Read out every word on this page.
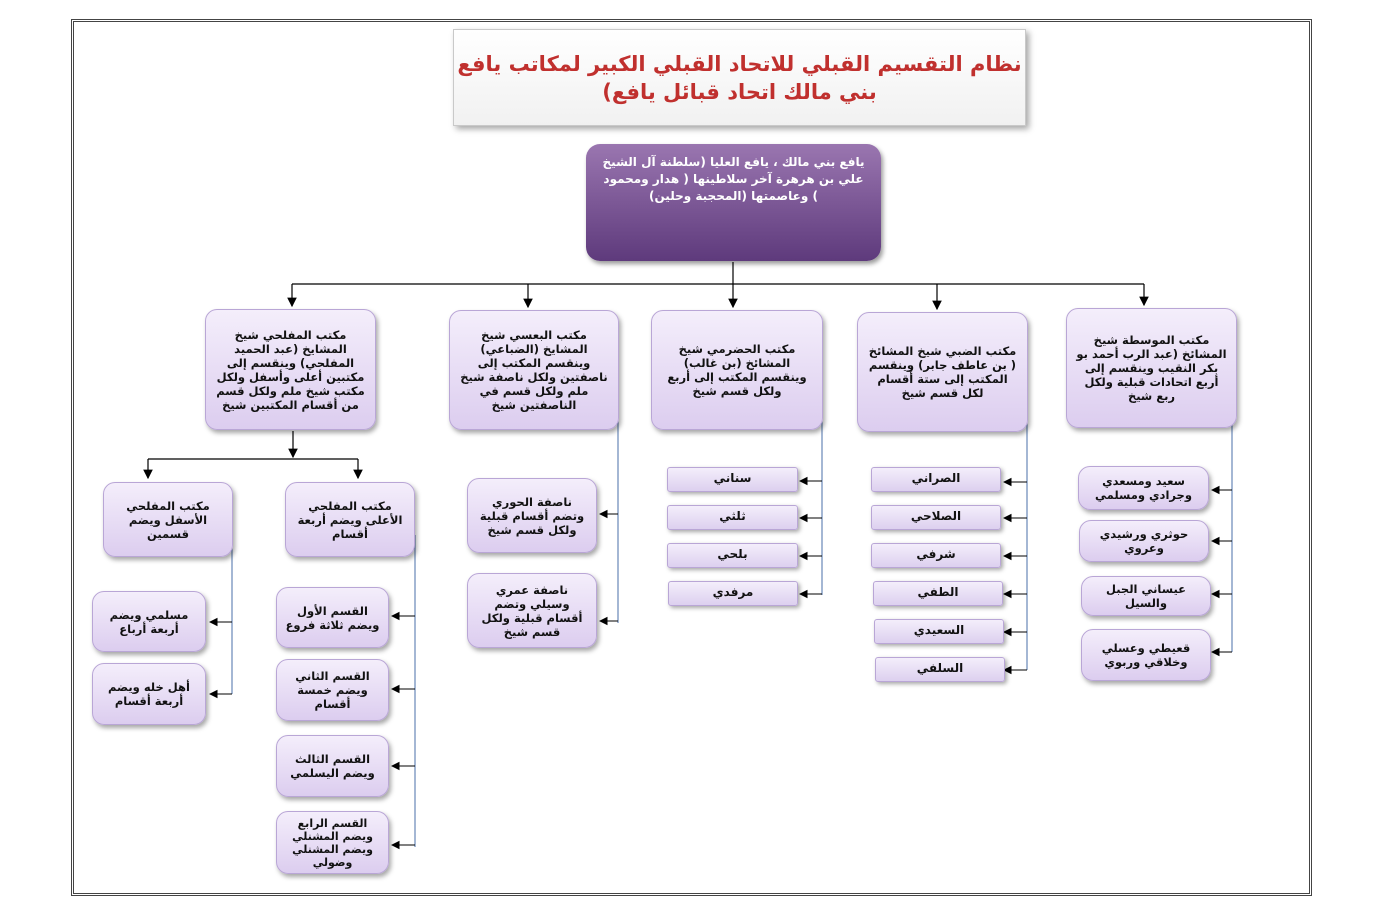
نظام التقسيم القبلي للاتحاد القبلي الكبير لمكاتب يافع
بني مالك اتحاد قبائل يافع)
يافع بني مالك ، يافع العليا (سلطنة آل الشيخ علي بن هرهرة آخر سلاطينها ( هدار ومحمود ) وعاصمتها (المحجبة وحلين)
مكتب المفلحي شيخ المشايخ (عبد الحميد المفلحي) وينقسم إلى مكتبين أعلى وأسفل ولكل مكتب شيخ ملم ولكل قسم من أقسام المكتبين شيخ
مكتب البعسي شيخ المشايخ (الضباعي) وينقسم المكتب إلى ناصفتين ولكل ناصفة شيخ ملم ولكل قسم في الناصفتين شيخ
مكتب الحضرمي شيخ المشائخ (بن غالب) وينقسم المكتب إلى أربع ولكل قسم شيخ
مكتب الضبي شيخ المشائخ ( بن عاطف جابر) وينقسم المكتب إلى ستة أقسام لكل قسم شيخ
مكتب الموسطة شيخ المشائخ (عبد الرب أحمد بو بكر النقيب وينقسم إلى أربع اتحادات قبلية ولكل ربع شيخ
مكتب المفلحي الأسفل ويضم قسمين
مكتب المفلحي الأعلى ويضم أربعة أقسام
مسلمي ويضم أربعة أرباع
أهل خله ويضم أربعة أقسام
القسم الأول ويضم ثلاثة فروع
القسم الثاني ويضم خمسة أقسام
القسم الثالث ويضم اليسلمي
القسم الرابع ويضم المشنلي ويضم المشنلي وضولي
ناصفة الحوري وتضم أقسام قبلية ولكل قسم شيخ
ناصفة عمري وسيلي وتضم أقسام قبلية ولكل قسم شيخ
سناني
ثلثي
بلحي
مرفدي
الصراني
الصلاحي
شرفي
الطفي
السعيدي
السلفي
سعيد ومسعدي وجرادي ومسلمي
حوثري ورشيدي وعروي
عيساني الجبل والسيل
قعيطي وعسلي وخلاقي وربوي
